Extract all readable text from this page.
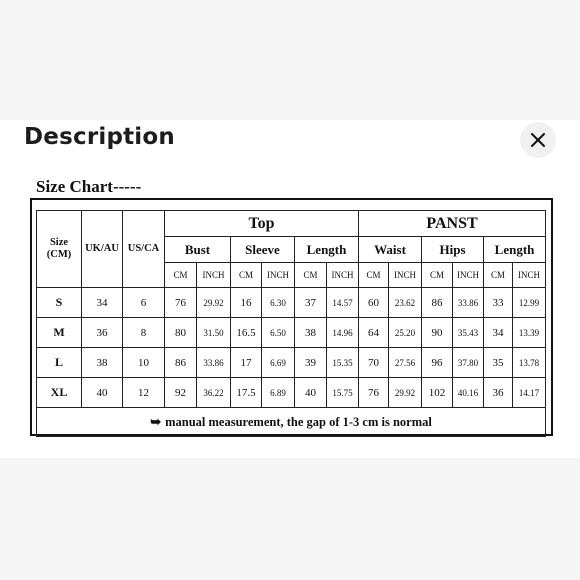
Description
Size Chart-----
Size
(CM)	UK/AU	US/CA	Top						PANST					
			Bust		Sleeve		Length		Waist		Hips		Length	
			CM	INCH	CM	INCH	CM	INCH	CM	INCH	CM	INCH	CM	INCH
S	34	6	76	29.92	16	6.30	37	14.57	60	23.62	86	33.86	33	12.99
M	36	8	80	31.50	16.5	6.50	38	14.96	64	25.20	90	35.43	34	13.39
L	38	10	86	33.86	17	6.69	39	15.35	70	27.56	96	37.80	35	13.78
XL	40	12	92	36.22	17.5	6.89	40	15.75	76	29.92	102	40.16	36	14.17
➥ manual measurement, the gap of 1-3 cm is normal														
